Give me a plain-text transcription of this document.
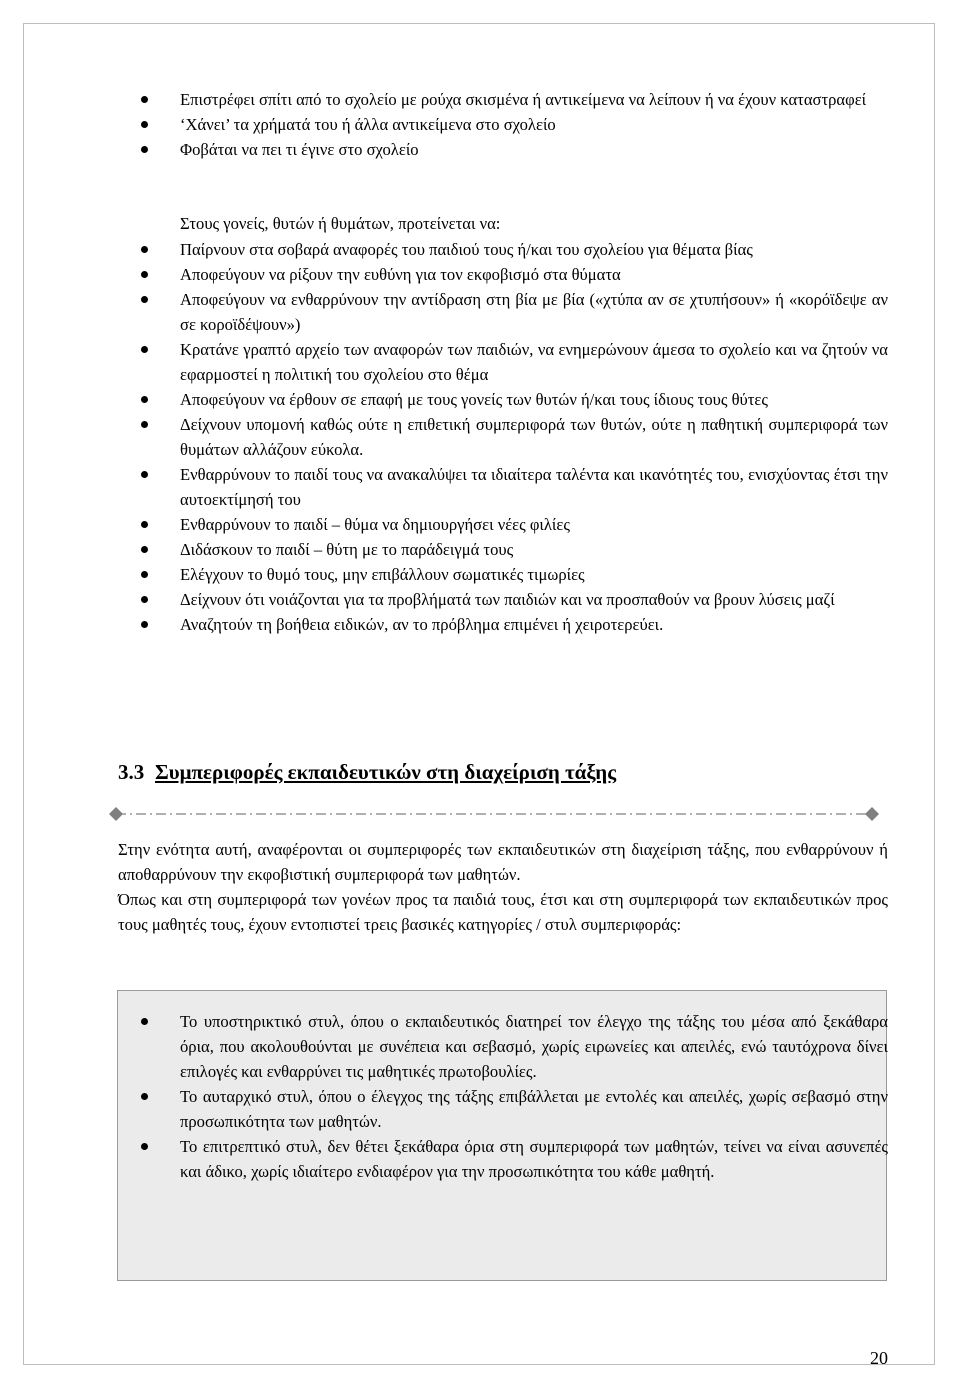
Επιστρέφει σπίτι από το σχολείο με ρούχα σκισμένα ή αντικείμενα να λείπουν ή να έχουν καταστραφεί
‘Χάνει’ τα χρήματά του ή άλλα αντικείμενα στο σχολείο
Φοβάται να πει τι έγινε στο σχολείο
Στους γονείς, θυτών ή θυμάτων, προτείνεται να:
Παίρνουν στα σοβαρά αναφορές του παιδιού τους ή/και του σχολείου για θέματα βίας
Αποφεύγουν να ρίξουν την ευθύνη για τον εκφοβισμό στα θύματα
Αποφεύγουν να ενθαρρύνουν την αντίδραση στη βία με βία («χτύπα αν σε χτυπήσουν» ή «κορόϊδεψε αν σε κοροϊδέψουν»)
Κρατάνε γραπτό αρχείο των αναφορών των παιδιών, να ενημερώνουν άμεσα το σχολείο και να ζητούν να εφαρμοστεί η πολιτική του σχολείου στο θέμα
Αποφεύγουν να έρθουν σε επαφή με τους γονείς των θυτών ή/και τους ίδιους τους θύτες
Δείχνουν υπομονή καθώς ούτε η επιθετική συμπεριφορά των θυτών, ούτε η παθητική συμπεριφορά των θυμάτων αλλάζουν εύκολα.
Ενθαρρύνουν το παιδί τους να ανακαλύψει τα ιδιαίτερα ταλέντα και ικανότητές του, ενισχύοντας έτσι την αυτοεκτίμησή του
Ενθαρρύνουν το παιδί – θύμα να δημιουργήσει νέες φιλίες
Διδάσκουν το παιδί – θύτη με το παράδειγμά τους
Ελέγχουν το θυμό τους, μην επιβάλλουν σωματικές τιμωρίες
Δείχνουν ότι νοιάζονται για τα προβλήματά των παιδιών και να προσπαθούν να βρουν λύσεις μαζί
Αναζητούν τη βοήθεια ειδικών, αν το πρόβλημα επιμένει ή χειροτερεύει.
3.3 Συμπεριφορές εκπαιδευτικών στη διαχείριση τάξης

Στην ενότητα αυτή, αναφέρονται οι συμπεριφορές των εκπαιδευτικών στη διαχείριση τάξης, που ενθαρρύνουν ή αποθαρρύνουν την εκφοβιστική συμπεριφορά των μαθητών.

Όπως και στη συμπεριφορά των γονέων προς τα παιδιά τους, έτσι και στη συμπεριφορά των εκπαιδευτικών προς τους μαθητές τους, έχουν εντοπιστεί τρεις βασικές κατηγορίες / στυλ συμπεριφοράς:

Το υποστηρικτικό στυλ, όπου ο εκπαιδευτικός διατηρεί τον έλεγχο της τάξης του μέσα από ξεκάθαρα όρια, που ακολουθούνται με συνέπεια και σεβασμό, χωρίς ειρωνείες και απειλές, ενώ ταυτόχρονα δίνει επιλογές και ενθαρρύνει τις μαθητικές πρωτοβουλίες.
Το αυταρχικό στυλ, όπου ο έλεγχος της τάξης επιβάλλεται με εντολές και απειλές, χωρίς σεβασμό στην προσωπικότητα των μαθητών.
Το επιτρεπτικό στυλ, δεν θέτει ξεκάθαρα όρια στη συμπεριφορά των μαθητών, τείνει να είναι ασυνεπές και άδικο, χωρίς ιδιαίτερο ενδιαφέρον για την προσωπικότητα του κάθε μαθητή.
20
